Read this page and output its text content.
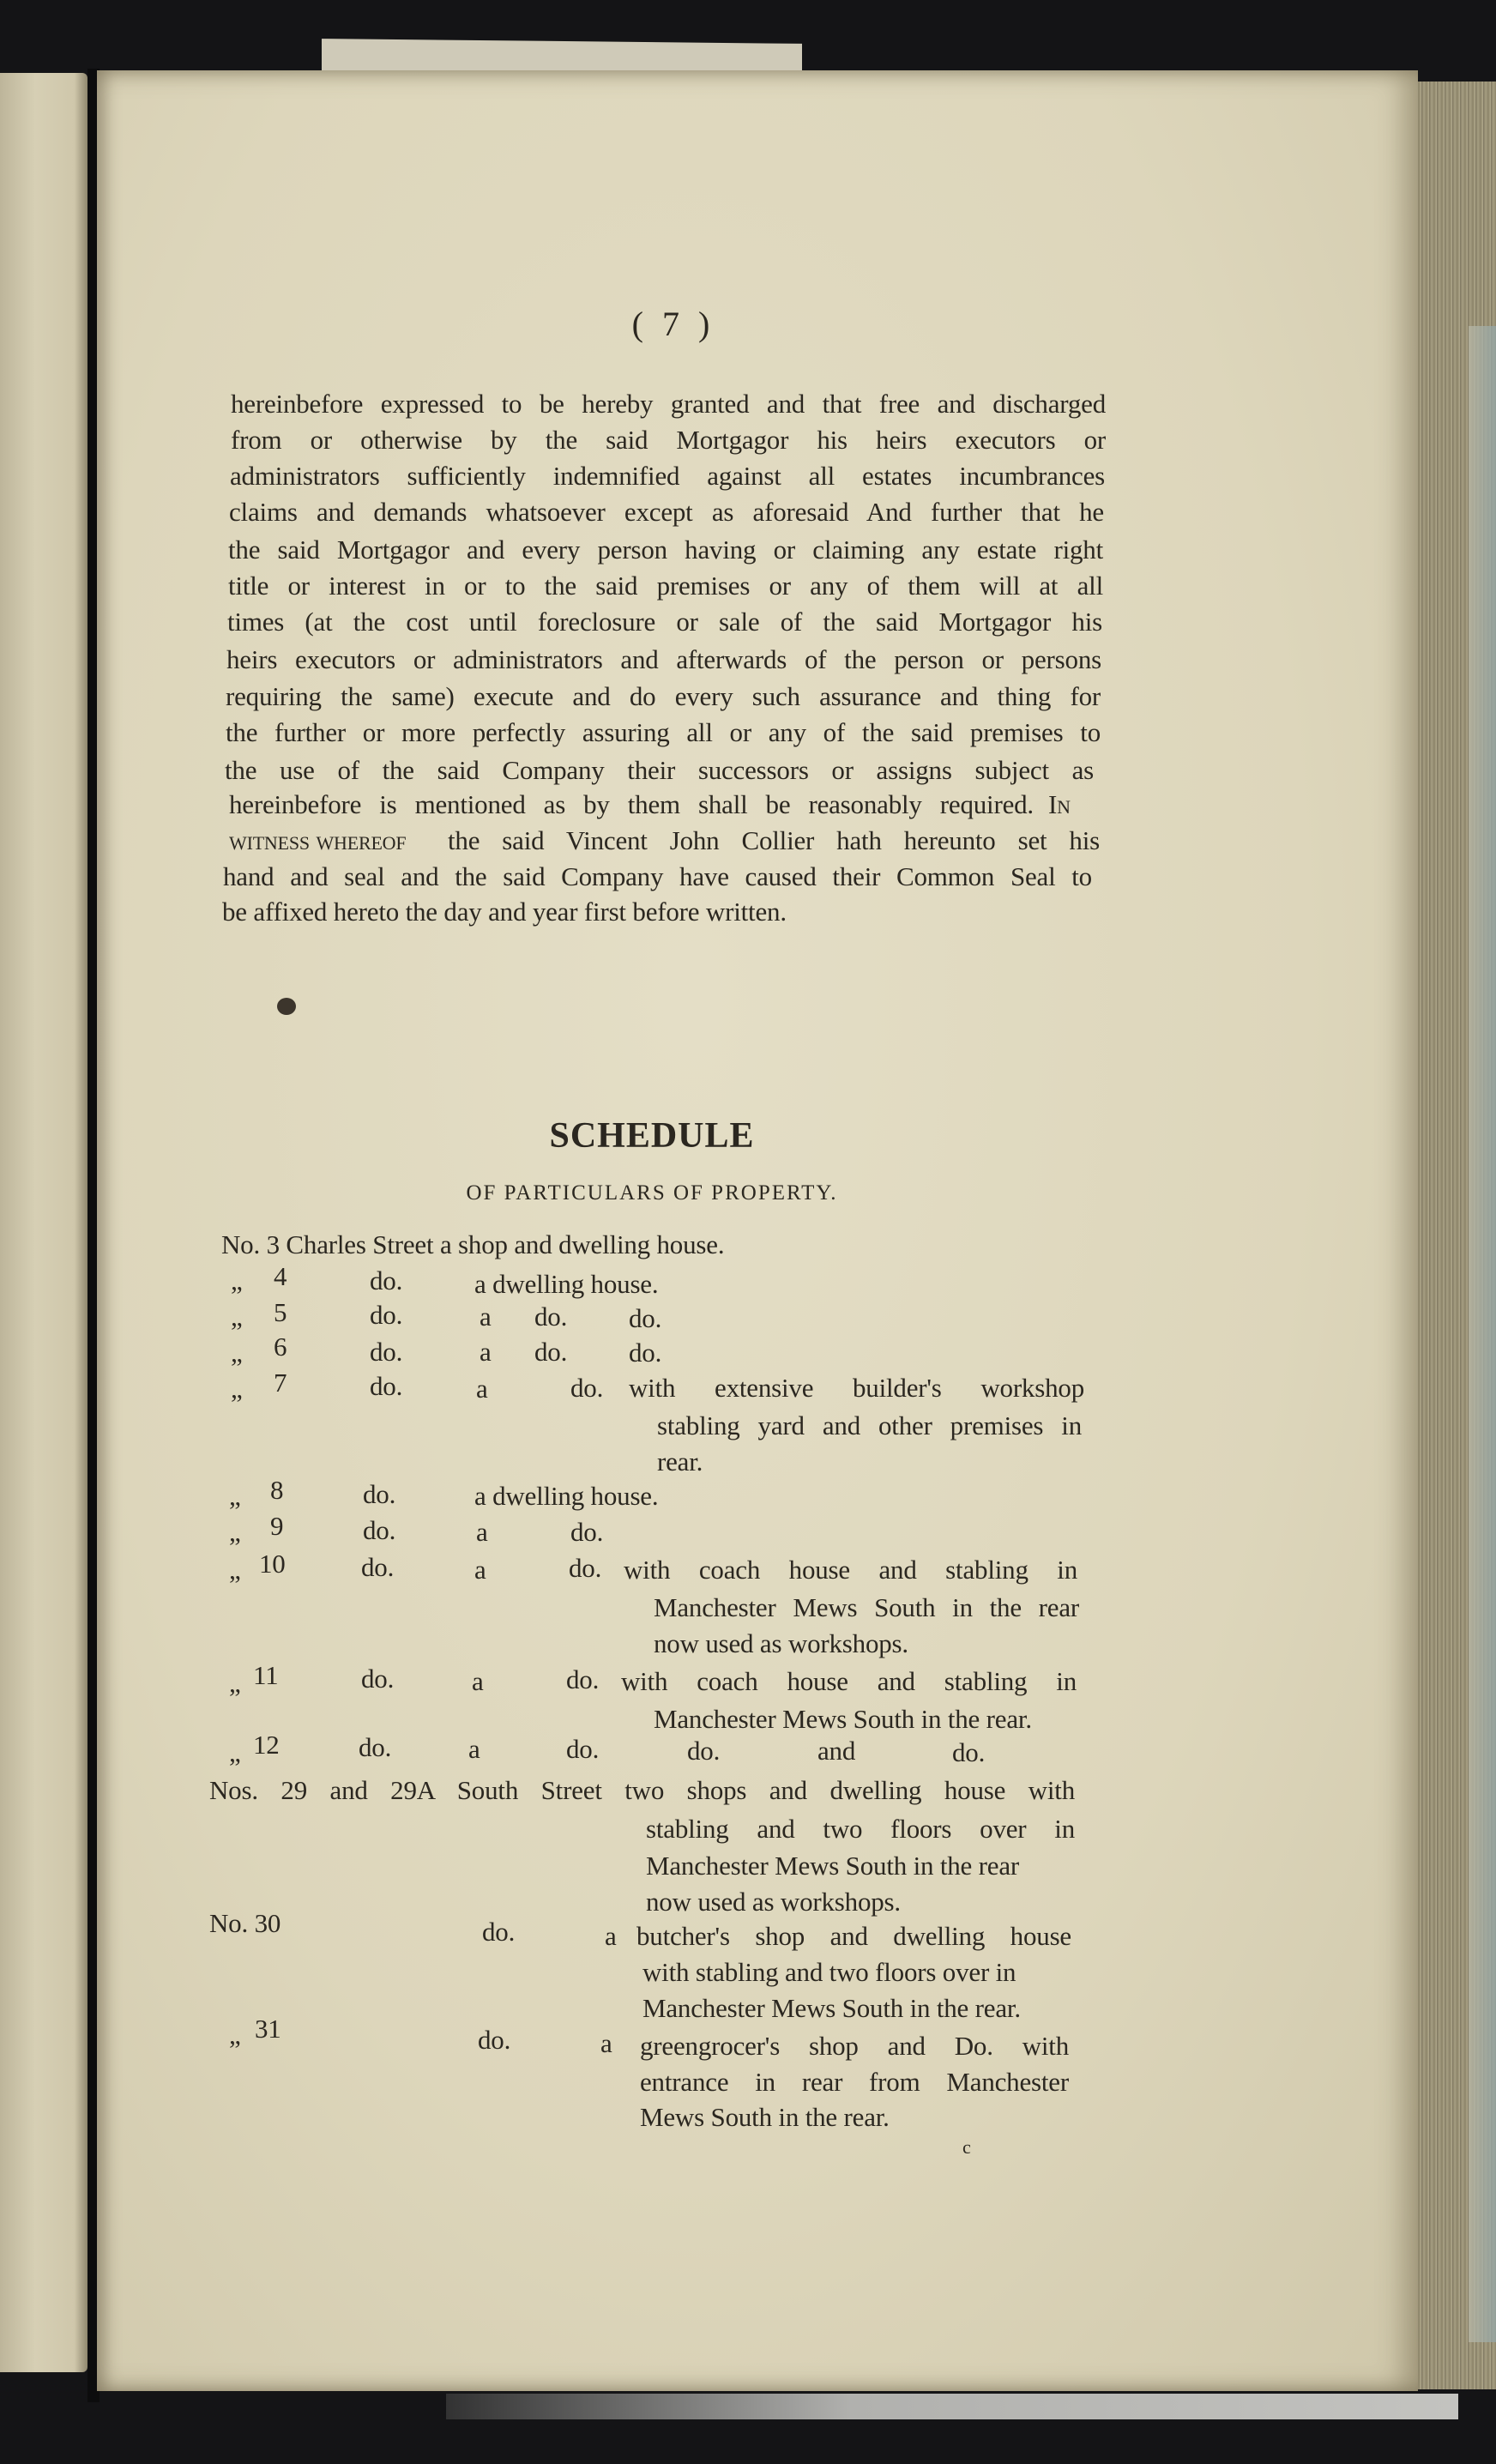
( 7 )
hereinbefore expressed to be hereby granted and that free and discharged
from or otherwise by the said Mortgagor his heirs executors or
administrators sufficiently indemnified against all estates incumbrances
claims and demands whatsoever except as aforesaid And further that he
the said Mortgagor and every person having or claiming any estate right
title or interest in or to the said premises or any of them will at all
times (at the cost until foreclosure or sale of the said Mortgagor his
heirs executors or administrators and afterwards of the person or persons
requiring the same) execute and do every such assurance and thing for
the further or more perfectly assuring all or any of the said premises to
the use of the said Company their successors or assigns subject as
hereinbefore is mentioned as by them shall be reasonably required. In
witness whereof the said Vincent John Collier hath hereunto set his
hand and seal and the said Company have caused their Common Seal to
be affixed hereto the day and year first before written.
SCHEDULE
OF PARTICULARS OF PROPERTY.
No. 3 Charles Street a shop and dwelling house.
„ 4	do.	a dwelling house.
„ 5	do.	a do. do.
„ 6	do.	a do. do.
„ 7	do.	a	do. with extensive builder's workshop
stabling yard and other premises in
rear.
„ 8	do.	a dwelling house.
„ 9	do.	a	do.
„ 10	do.	a	do. with coach house and stabling in
Manchester Mews South in the rear
now used as workshops.
„ 11	do.	a	do. with coach house and stabling in
Manchester Mews South in the rear.
„ 12	do.	a	do.	do.	and	do.
Nos. 29 and 29A South Street two shops and dwelling house with
stabling and two floors over in
Manchester Mews South in the rear
now used as workshops.
No. 30	do.	a butcher's shop and dwelling house
with stabling and two floors over in
Manchester Mews South in the rear.
„ 31	do.	a greengrocer's shop and Do. with
entrance in rear from Manchester
Mews South in the rear.
c
